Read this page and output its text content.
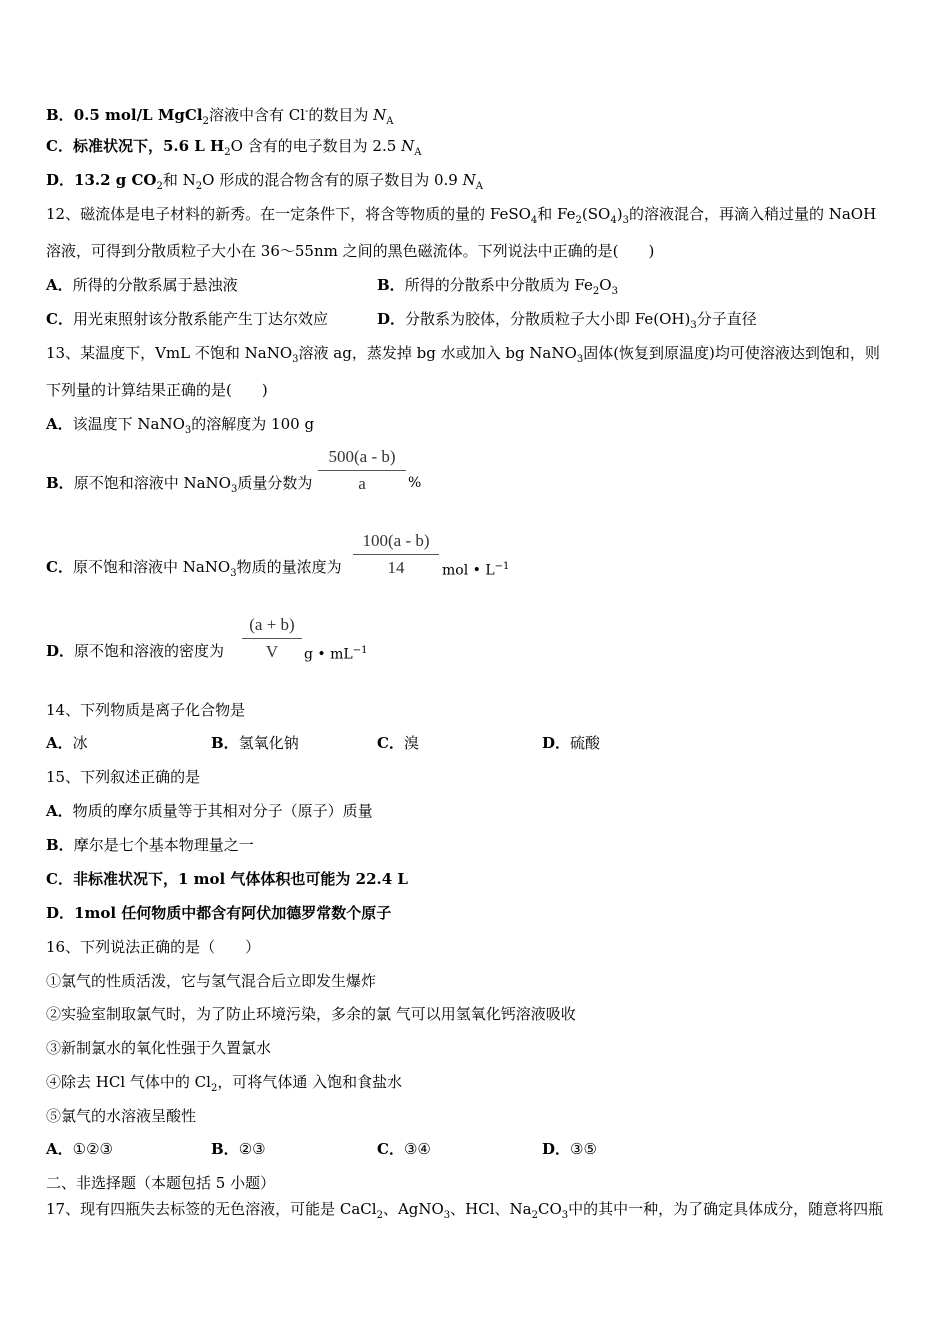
B．0.5 mol/L MgCl$_2$溶液中含有 Cl-的数目为 $N_A$
C．标准状况下，5.6 L $H_2O$ 含有的电子数目为 2.5 $N_A$
D．13.2 g $CO_2$和 $N_2O$ 形成的混合物含有的原子数目为 0.9 $N_A$
12、磁流体是电子材料的新秀。在一定条件下，将含等物质的量的 FeSO$_4$和 $Fe_2(SO_4)_3$的溶液混合，再滴入稍过量的 NaOH
溶液，可得到分散质粒子大小在 36～55nm 之间的黑色磁流体。下列说法中正确的是(　　)
A．所得的分散系属于悬浊液	B．所得的分散系中分散质为 $Fe_2O_3$
C．用光束照射该分散系能产生丁达尔效应	D．分散系为胶体，分散质粒子大小即 $Fe(OH)_3$分子直径
13、某温度下，VmL 不饱和 NaNO$_3$溶液 ag，蒸发掉 bg 水或加入 bg NaNO$_3$固体(恢复到原温度)均可使溶液达到饱和，则
下列量的计算结果正确的是(　　)
A．该温度下 NaNO$_3$的溶解度为 100 g
B．原不饱和溶液中 NaNO$_3$质量分数为
500(a - b)
a	%
C．原不饱和溶液中 NaNO$_3$物质的量浓度为
100(a - b)
14	mol • $L^{-1}$
D．原不饱和溶液的密度为
(a + b)
V	g • $mL^{-1}$
14、下列物质是离子化合物是
A．冰	B．氢氧化钠	C．溴	D．硫酸
15、下列叙述正确的是
A．物质的摩尔质量等于其相对分子（原子）质量
B．摩尔是七个基本物理量之一
C．非标准状况下，1 mol 气体体积也可能为 22.4 L
D．1mol 任何物质中都含有阿伏加德罗常数个原子
16、下列说法正确的是（　　）
①氯气的性质活泼，它与氢气混合后立即发生爆炸
②实验室制取氯气时，为了防止环境污染，多余的氯 气可以用氢氧化钙溶液吸收
③新制氯水的氧化性强于久置氯水
④除去 HCl 气体中的 $Cl_2$，可将气体通 入饱和食盐水
⑤氯气的水溶液呈酸性
A．①②③	B．②③	C．③④	D．③⑤
二、非选择题（本题包括 5 小题）
17、现有四瓶失去标签的无色溶液，可能是 CaCl$_2$、AgNO$_3$、HCl、$Na_2CO_3$中的其中一种，为了确定具体成分，随意将四瓶
